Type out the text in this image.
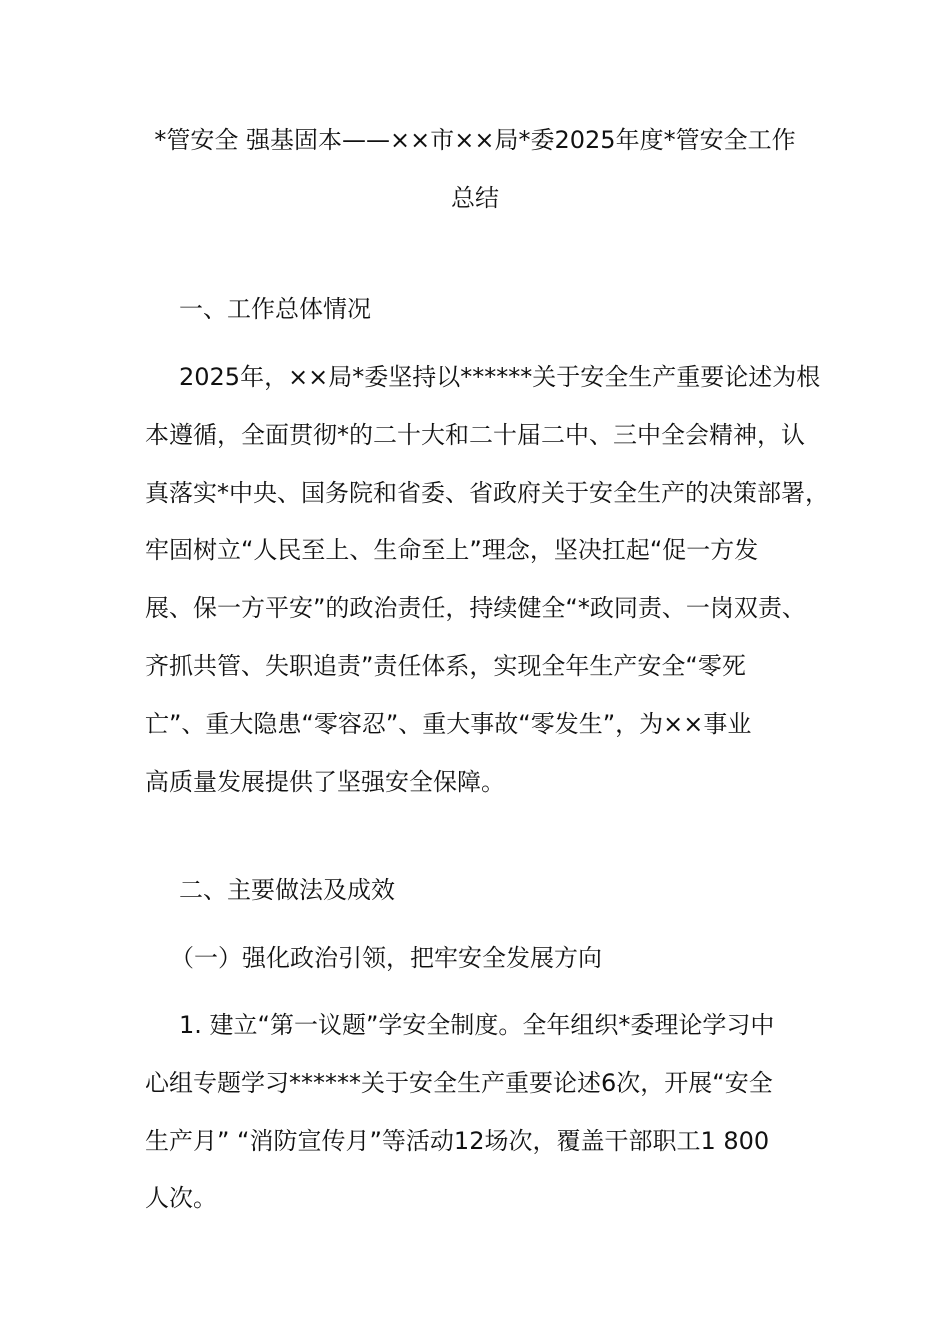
*管安全 强基固本——××市××局*委2025年度*管安全工作
总结
一、工作总体情况

2025年，××局*委坚持以******关于安全生产重要论述为根
本遵循，全面贯彻*的二十大和二十届二中、三中全会精神，认
真落实*中央、国务院和省委、省政府关于安全生产的决策部署，
牢固树立“人民至上、生命至上”理念，坚决扛起“促一方发
展、保一方平安”的政治责任，持续健全“*政同责、一岗双责、
齐抓共管、失职追责”责任体系，实现全年生产安全“零死
亡”、重大隐患“零容忍”、重大事故“零发生”，为××事业
高质量发展提供了坚强安全保障。

二、主要做法及成效
（一）强化政治引领，把牢安全发展方向

1. 建立“第一议题”学安全制度。全年组织*委理论学习中
心组专题学习******关于安全生产重要论述6次，开展“安全
生产月” “消防宣传月”等活动12场次，覆盖干部职工1 800
人次。
